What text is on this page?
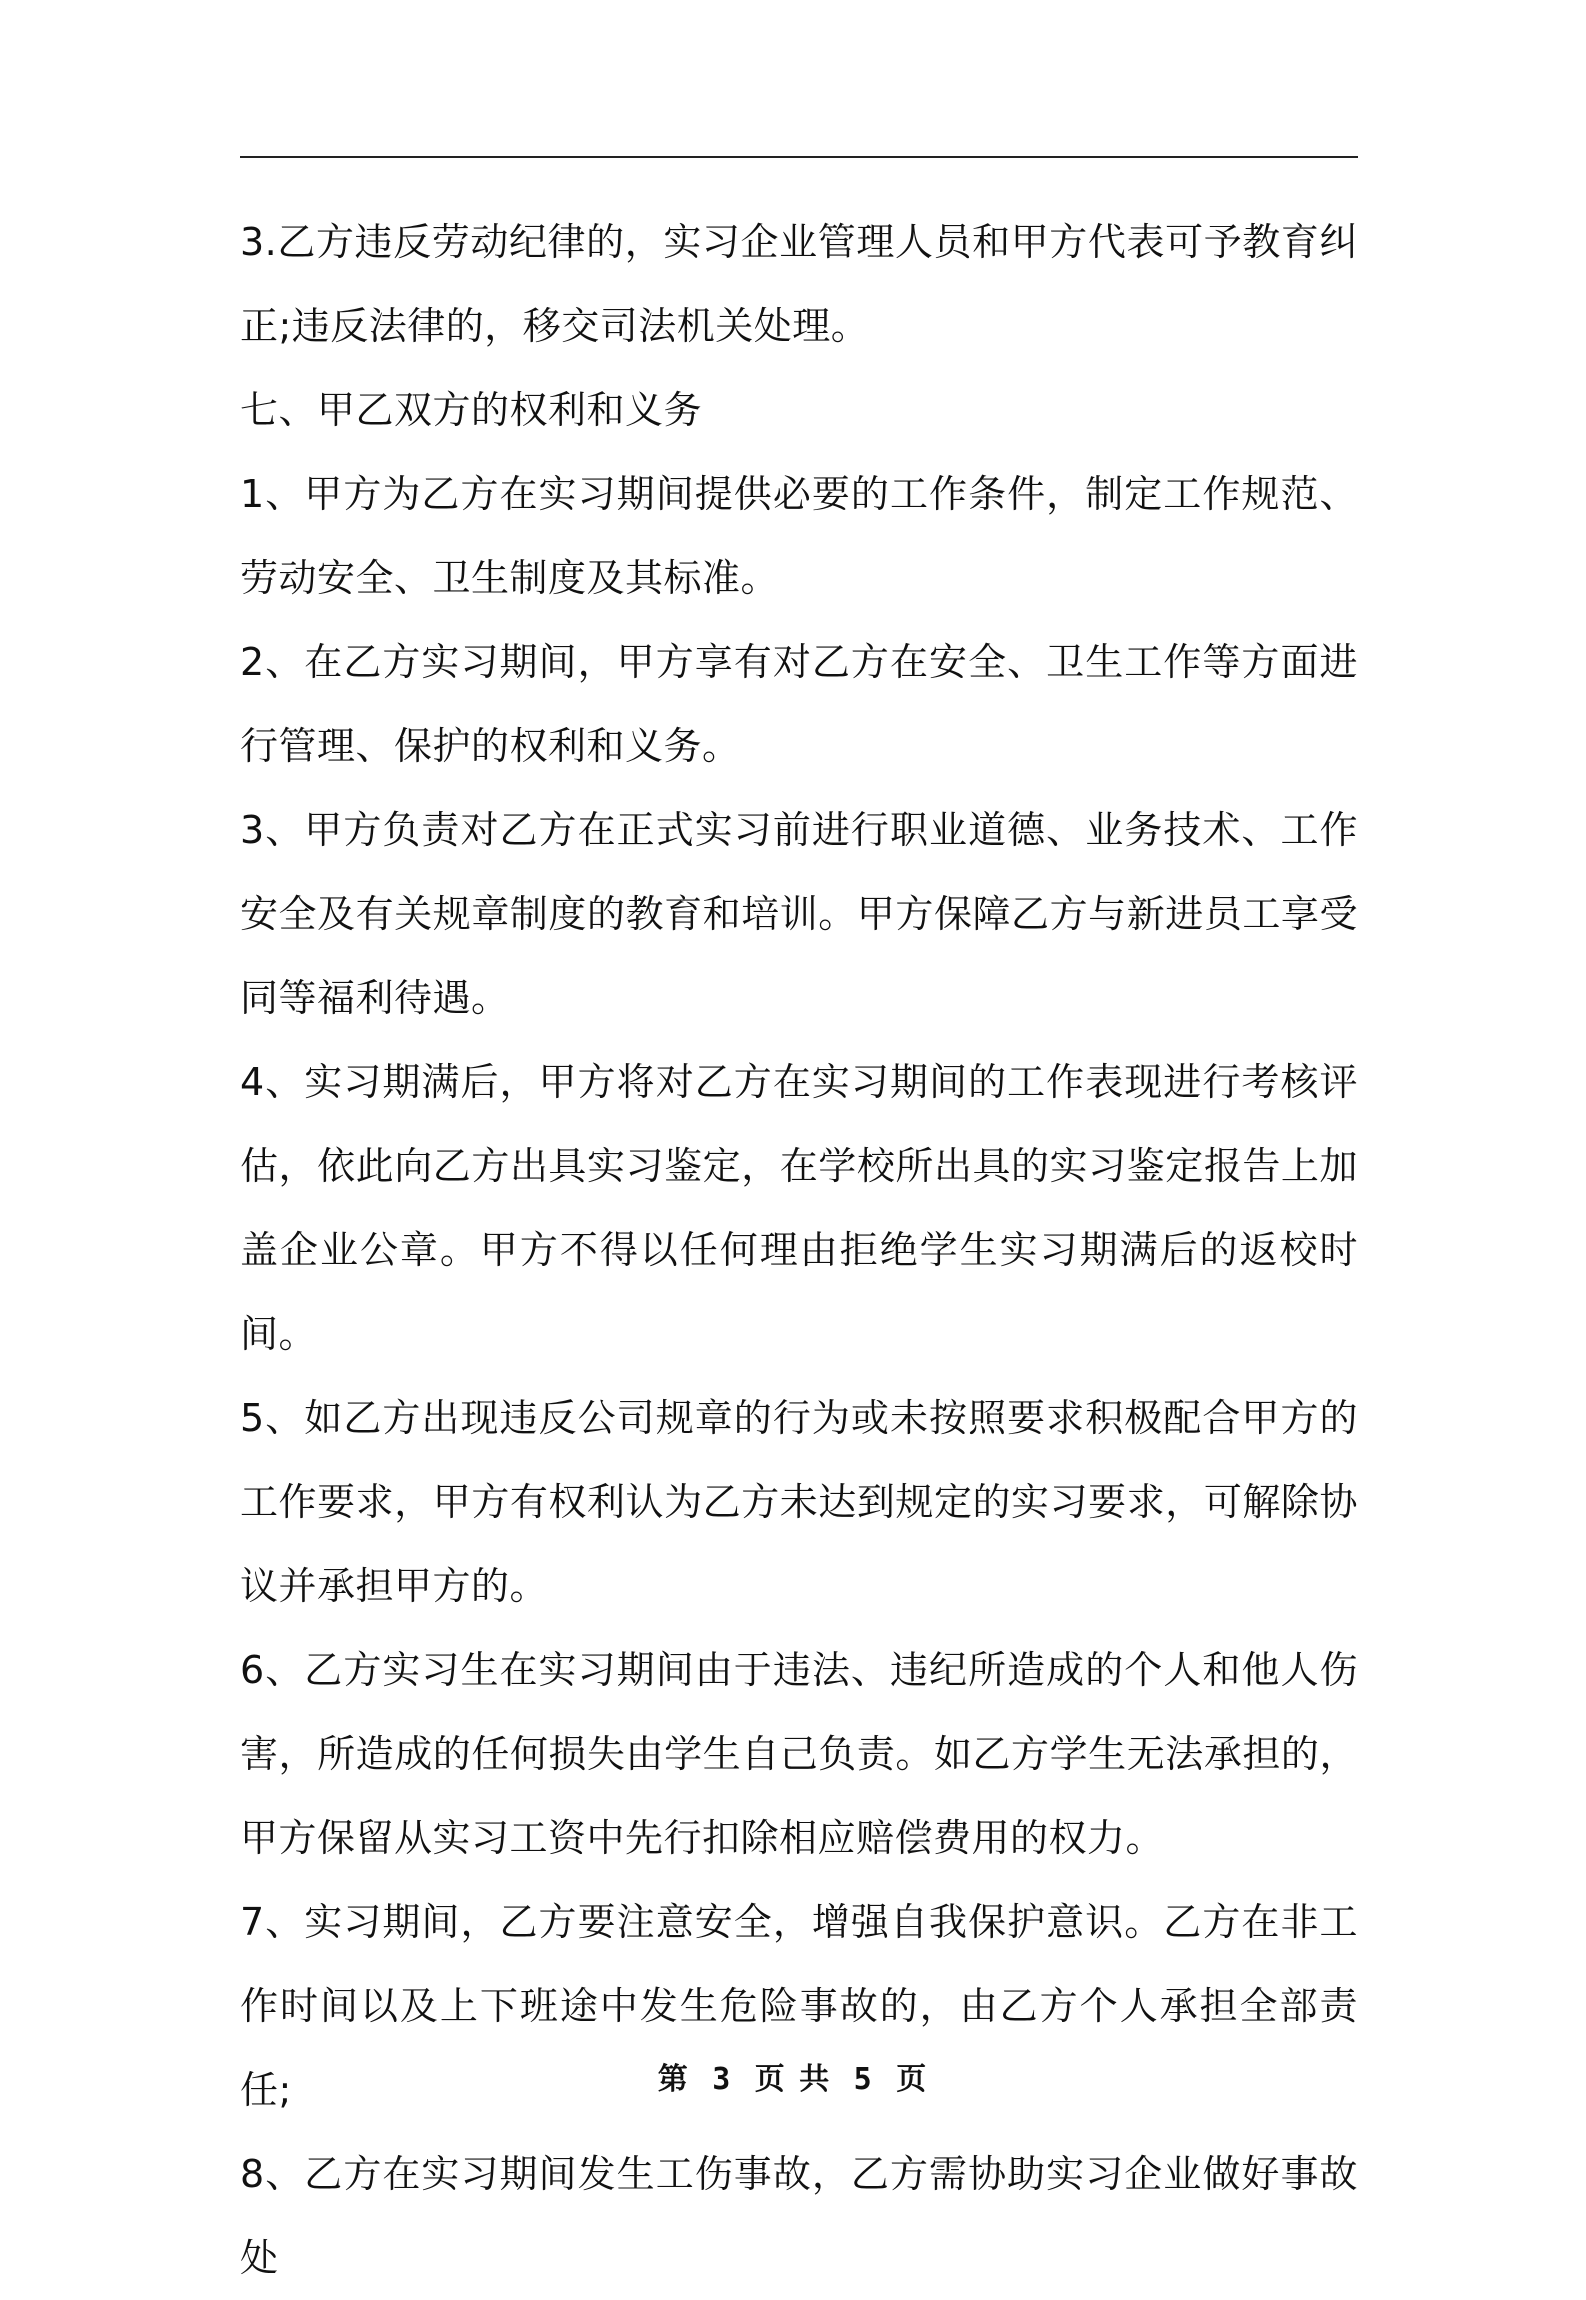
3.乙方违反劳动纪律的，实习企业管理人员和甲方代表可予教育纠正;违反法律的，移交司法机关处理。

七、甲乙双方的权利和义务

1、甲方为乙方在实习期间提供必要的工作条件，制定工作规范、劳动安全、卫生制度及其标准。

2、在乙方实习期间，甲方享有对乙方在安全、卫生工作等方面进行管理、保护的权利和义务。

3、甲方负责对乙方在正式实习前进行职业道德、业务技术、工作安全及有关规章制度的教育和培训。甲方保障乙方与新进员工享受同等福利待遇。

4、实习期满后，甲方将对乙方在实习期间的工作表现进行考核评估，依此向乙方出具实习鉴定，在学校所出具的实习鉴定报告上加盖企业公章。甲方不得以任何理由拒绝学生实习期满后的返校时间。

5、如乙方出现违反公司规章的行为或未按照要求积极配合甲方的工作要求，甲方有权利认为乙方未达到规定的实习要求，可解除协议并承担甲方的。

6、乙方实习生在实习期间由于违法、违纪所造成的个人和他人伤害，所造成的任何损失由学生自己负责。如乙方学生无法承担的，甲方保留从实习工资中先行扣除相应赔偿费用的权力。

7、实习期间，乙方要注意安全，增强自我保护意识。乙方在非工作时间以及上下班途中发生危险事故的，由乙方个人承担全部责任;

8、乙方在实习期间发生工伤事故，乙方需协助实习企业做好事故处

第 3 页 共 5 页
